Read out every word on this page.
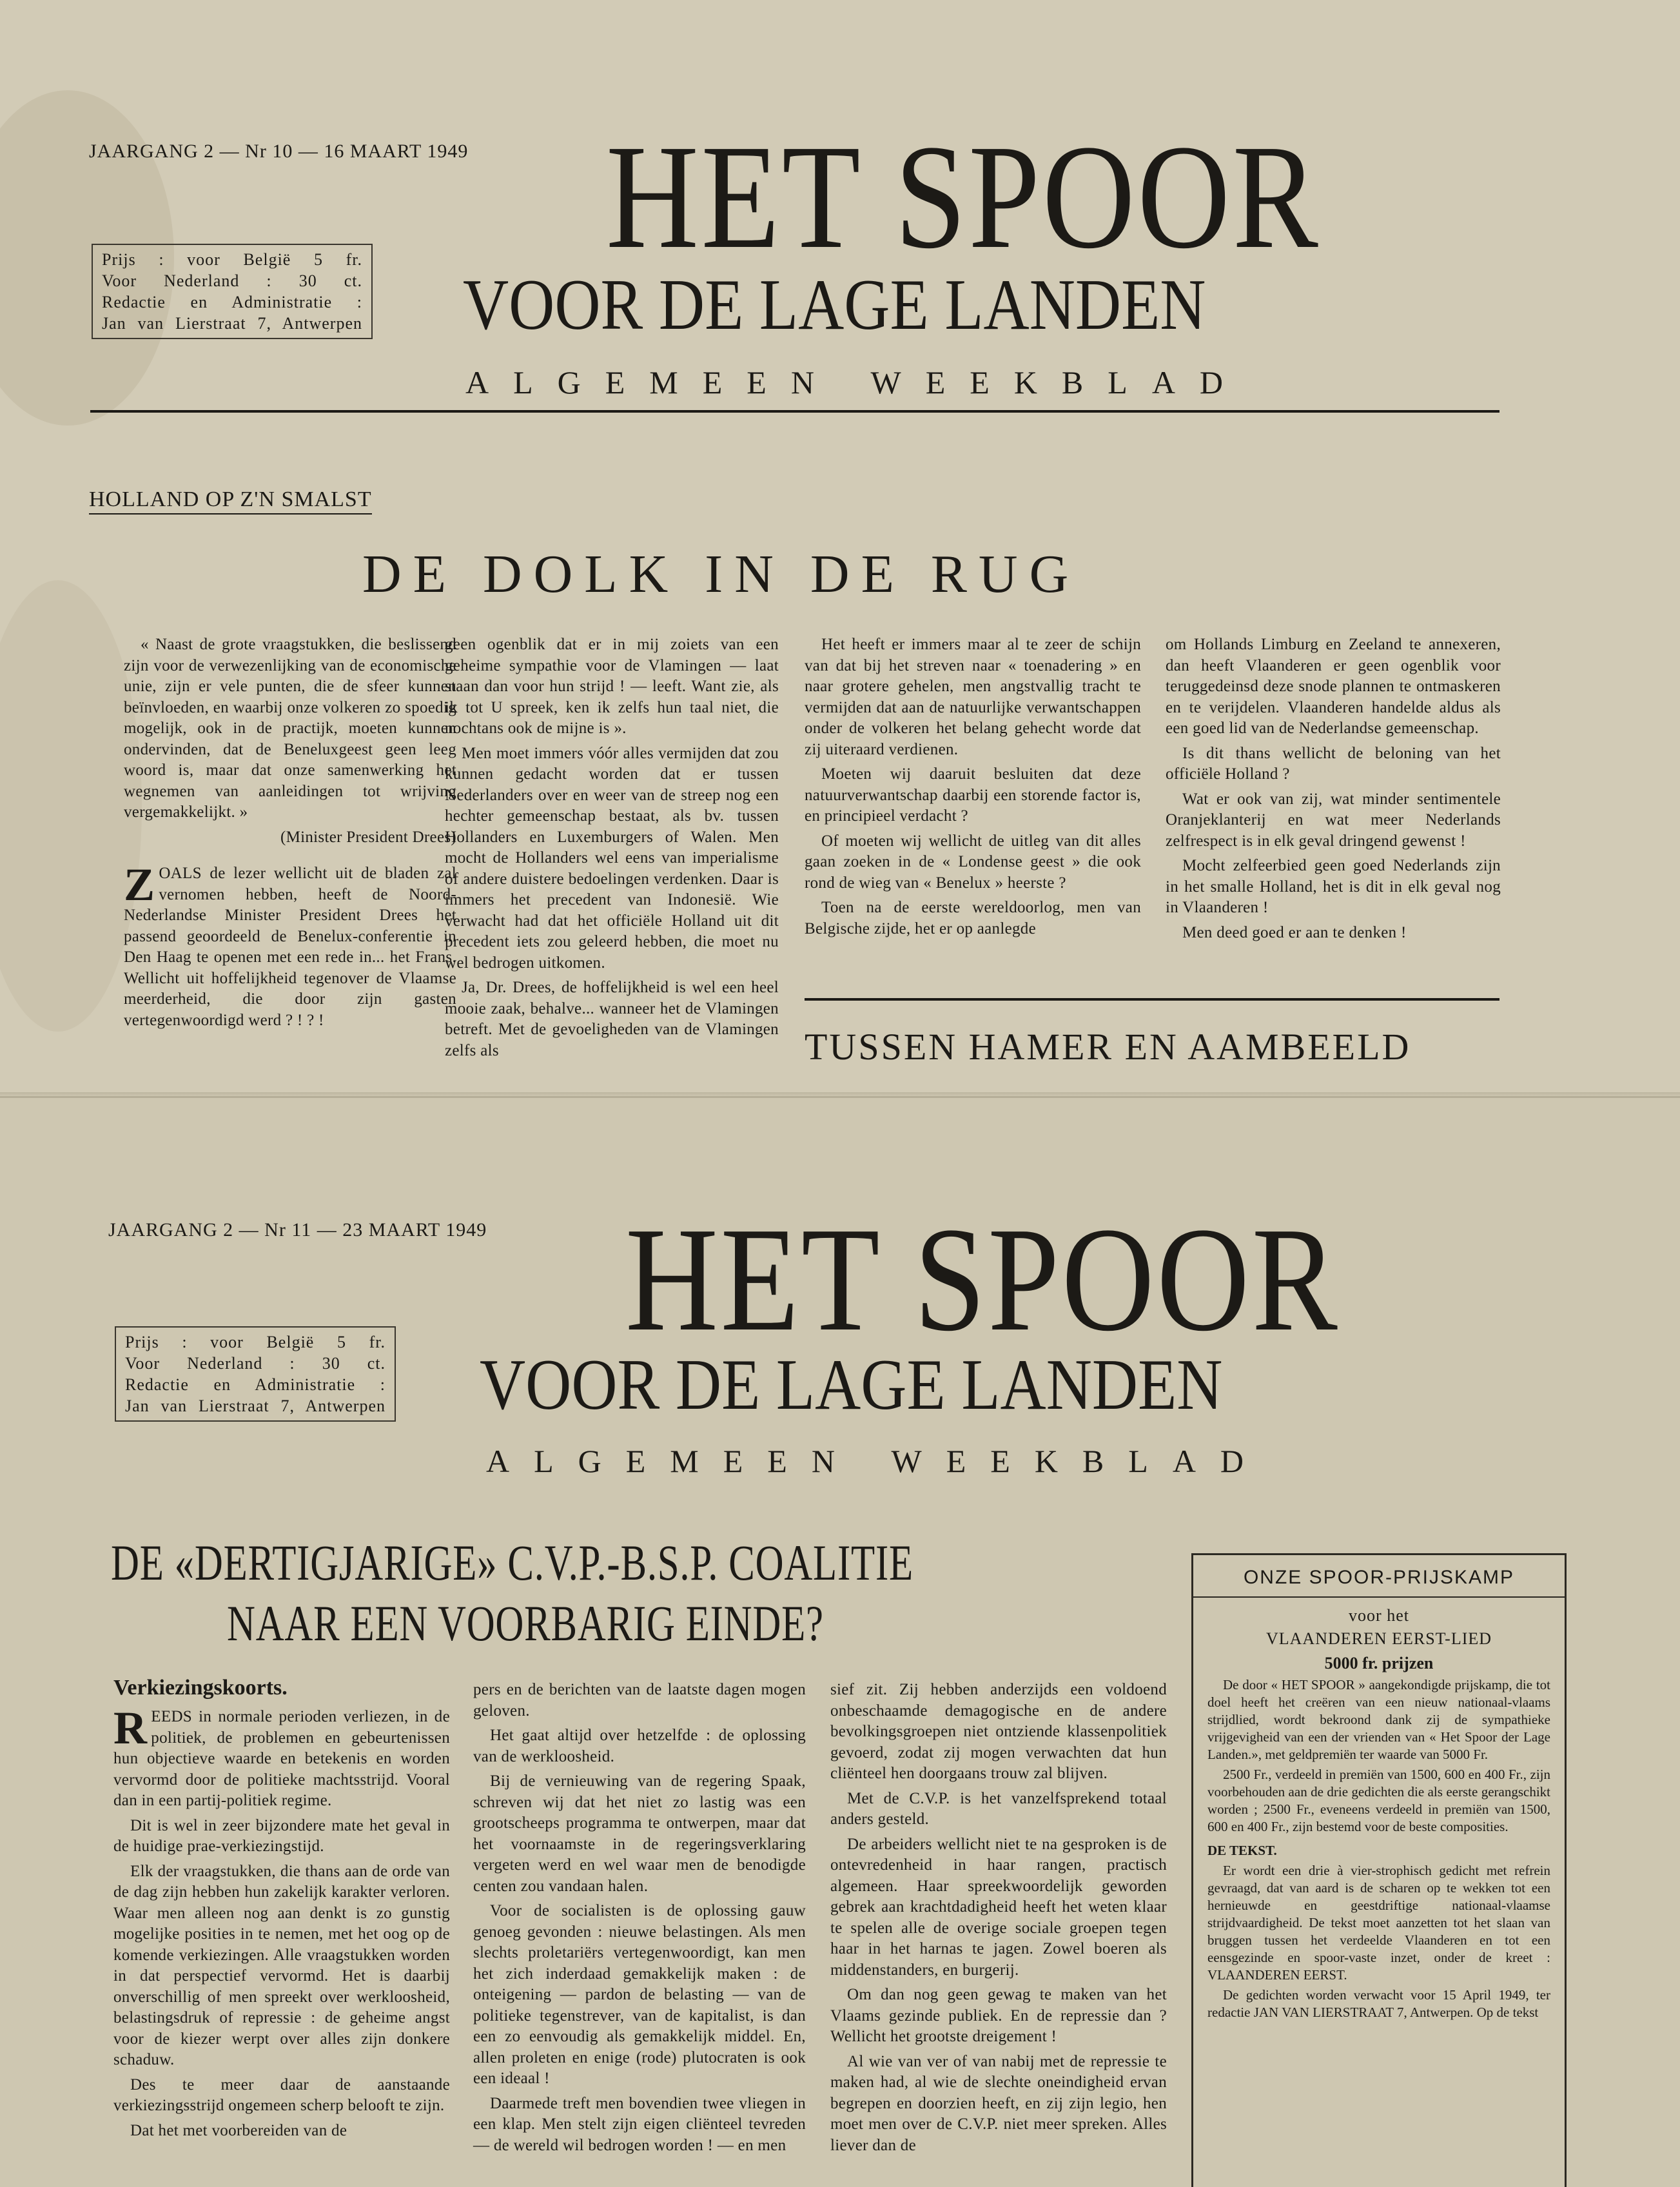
JAARGANG 2 — Nr 10 — 16 MAART 1949
Prijs : voor België 5 fr.
Voor Nederland : 30 ct.
Redactie en Administratie :
Jan van Lierstraat 7, Antwerpen
HET SPOOR
VOOR DE LAGE LANDEN
ALGEMEEN WEEKBLAD
HOLLAND OP Z'N SMALST
DE DOLK IN DE RUG

« Naast de grote vraagstukken, die beslissend zijn voor de verwezenlijking van de economische unie, zijn er vele punten, die de sfeer kunnen beïnvloeden, en waarbij onze volkeren zo spoedig mogelijk, ook in de practijk, moeten kunnen ondervinden, dat de Beneluxgeest geen leeg woord is, maar dat onze samenwerking het wegnemen van aanleidingen tot wrijving vergemakkelijkt. »

(Minister President Drees)

ZOALS de lezer wellicht uit de bladen zal vernomen hebben, heeft de Noord-Nederlandse Minister President Drees het passend geoordeeld de Benelux-conferentie in Den Haag te openen met een rede in... het Frans. Wellicht uit hoffelijkheid tegenover de Vlaamse meerderheid, die door zijn gasten vertegenwoordigd werd ? ! ? !

geen ogenblik dat er in mij zoiets van een geheime sympathie voor de Vlamingen — laat staan dan voor hun strijd ! — leeft. Want zie, als ik tot U spreek, ken ik zelfs hun taal niet, die nochtans ook de mijne is ».

Men moet immers vóór alles vermijden dat zou kunnen gedacht worden dat er tussen Nederlanders over en weer van de streep nog een hechter gemeenschap bestaat, als bv. tussen Hollanders en Luxemburgers of Walen. Men mocht de Hollanders wel eens van imperialisme of andere duistere bedoelingen verdenken. Daar is immers het precedent van Indonesië. Wie verwacht had dat het officiële Holland uit dit precedent iets zou geleerd hebben, die moet nu wel bedrogen uitkomen.

Ja, Dr. Drees, de hoffelijkheid is wel een heel mooie zaak, behalve... wanneer het de Vlamingen betreft. Met de gevoeligheden van de Vlamingen zelfs als

Het heeft er immers maar al te zeer de schijn van dat bij het streven naar « toenadering » en naar grotere gehelen, men angstvallig tracht te vermijden dat aan de natuurlijke verwantschappen onder de volkeren het belang gehecht worde dat zij uiteraard verdienen.

Moeten wij daaruit besluiten dat deze natuurverwantschap daarbij een storende factor is, en principieel verdacht ?

Of moeten wij wellicht de uitleg van dit alles gaan zoeken in de « Londense geest » die ook rond de wieg van « Benelux » heerste ?

Toen na de eerste wereldoorlog, men van Belgische zijde, het er op aanlegde

om Hollands Limburg en Zeeland te annexeren, dan heeft Vlaanderen er geen ogenblik voor teruggedeinsd deze snode plannen te ontmaskeren en te verijdelen. Vlaanderen handelde aldus als een goed lid van de Nederlandse gemeenschap.

Is dit thans wellicht de beloning van het officiële Holland ?

Wat er ook van zij, wat minder sentimentele Oranjeklanterij en wat meer Nederlands zelfrespect is in elk geval dringend gewenst !

Mocht zelfeerbied geen goed Nederlands zijn in het smalle Holland, het is dit in elk geval nog in Vlaanderen !

Men deed goed er aan te denken !

TUSSEN HAMER EN AAMBEELD
JAARGANG 2 — Nr 11 — 23 MAART 1949
Prijs : voor België 5 fr.
Voor Nederland : 30 ct.
Redactie en Administratie :
Jan van Lierstraat 7, Antwerpen
HET SPOOR
VOOR DE LAGE LANDEN
ALGEMEEN WEEKBLAD
DE «DERTIGJARIGE» C.V.P.-B.S.P. COALITIE
NAAR EEN VOORBARIG EINDE?
Verkiezingskoorts.

REEDS in normale perioden verliezen, in de politiek, de problemen en gebeurtenissen hun objectieve waarde en betekenis en worden vervormd door de politieke machtsstrijd. Vooral dan in een partij-politiek regime.

Dit is wel in zeer bijzondere mate het geval in de huidige prae-verkiezingstijd.

Elk der vraagstukken, die thans aan de orde van de dag zijn hebben hun zakelijk karakter verloren. Waar men alleen nog aan denkt is zo gunstig mogelijke posities in te nemen, met het oog op de komende verkiezingen. Alle vraagstukken worden in dat perspectief vervormd. Het is daarbij onverschillig of men spreekt over werkloosheid, belastingsdruk of repressie : de geheime angst voor de kiezer werpt over alles zijn donkere schaduw.

Des te meer daar de aanstaande verkiezingsstrijd ongemeen scherp belooft te zijn.

Dat het met voorbereiden van de

pers en de berichten van de laatste dagen mogen geloven.

Het gaat altijd over hetzelfde : de oplossing van de werkloosheid.

Bij de vernieuwing van de regering Spaak, schreven wij dat het niet zo lastig was een grootscheeps programma te ontwerpen, maar dat het voornaamste in de regeringsverklaring vergeten werd en wel waar men de benodigde centen zou vandaan halen.

Voor de socialisten is de oplossing gauw genoeg gevonden : nieuwe belastingen. Als men slechts proletariërs vertegenwoordigt, kan men het zich inderdaad gemakkelijk maken : de onteigening — pardon de belasting — van de politieke tegenstrever, van de kapitalist, is dan een zo eenvoudig als gemakkelijk middel. En, allen proleten en enige (rode) plutocraten is ook een ideaal !

Daarmede treft men bovendien twee vliegen in een klap. Men stelt zijn eigen cliënteel tevreden — de wereld wil bedrogen worden ! — en men

sief zit. Zij hebben anderzijds een voldoend onbeschaamde demagogische en de andere bevolkingsgroepen niet ontziende klassenpolitiek gevoerd, zodat zij mogen verwachten dat hun cliënteel hen doorgaans trouw zal blijven.

Met de C.V.P. is het vanzelfsprekend totaal anders gesteld.

De arbeiders wellicht niet te na gesproken is de ontevredenheid in haar rangen, practisch algemeen. Haar spreekwoordelijk geworden gebrek aan krachtdadigheid heeft het weten klaar te spelen alle de overige sociale groepen tegen haar in het harnas te jagen. Zowel boeren als middenstanders, en burgerij.

Om dan nog geen gewag te maken van het Vlaams gezinde publiek. En de repressie dan ? Wellicht het grootste dreigement !

Al wie van ver of van nabij met de repressie te maken had, al wie de slechte oneindigheid ervan begrepen en doorzien heeft, en zij zijn legio, hen moet men over de C.V.P. niet meer spreken. Alles liever dan de

ONZE SPOOR-PRIJSKAMP
voor het
VLAANDEREN EERST-LIED
5000 fr. prijzen

De door « HET SPOOR » aangekondigde prijskamp, die tot doel heeft het creëren van een nieuw nationaal-vlaams strijdlied, wordt bekroond dank zij de sympathieke vrijgevigheid van een der vrienden van « Het Spoor der Lage Landen.», met geldpremiën ter waarde van 5000 Fr.

2500 Fr., verdeeld in premiën van 1500, 600 en 400 Fr., zijn voorbehouden aan de drie gedichten die als eerste gerangschikt worden ; 2500 Fr., eveneens verdeeld in premiën van 1500, 600 en 400 Fr., zijn bestemd voor de beste composities.

DE TEKST.

Er wordt een drie à vier-strophisch gedicht met refrein gevraagd, dat van aard is de scharen op te wekken tot een hernieuwde en geestdriftige nationaal-vlaamse strijdvaardigheid. De tekst moet aanzetten tot het slaan van bruggen tussen het verdeelde Vlaanderen en tot een eensgezinde en spoor-vaste inzet, onder de kreet : VLAANDEREN EERST.

De gedichten worden verwacht voor 15 April 1949, ter redactie JAN VAN LIERSTRAAT 7, Antwerpen. Op de tekst
